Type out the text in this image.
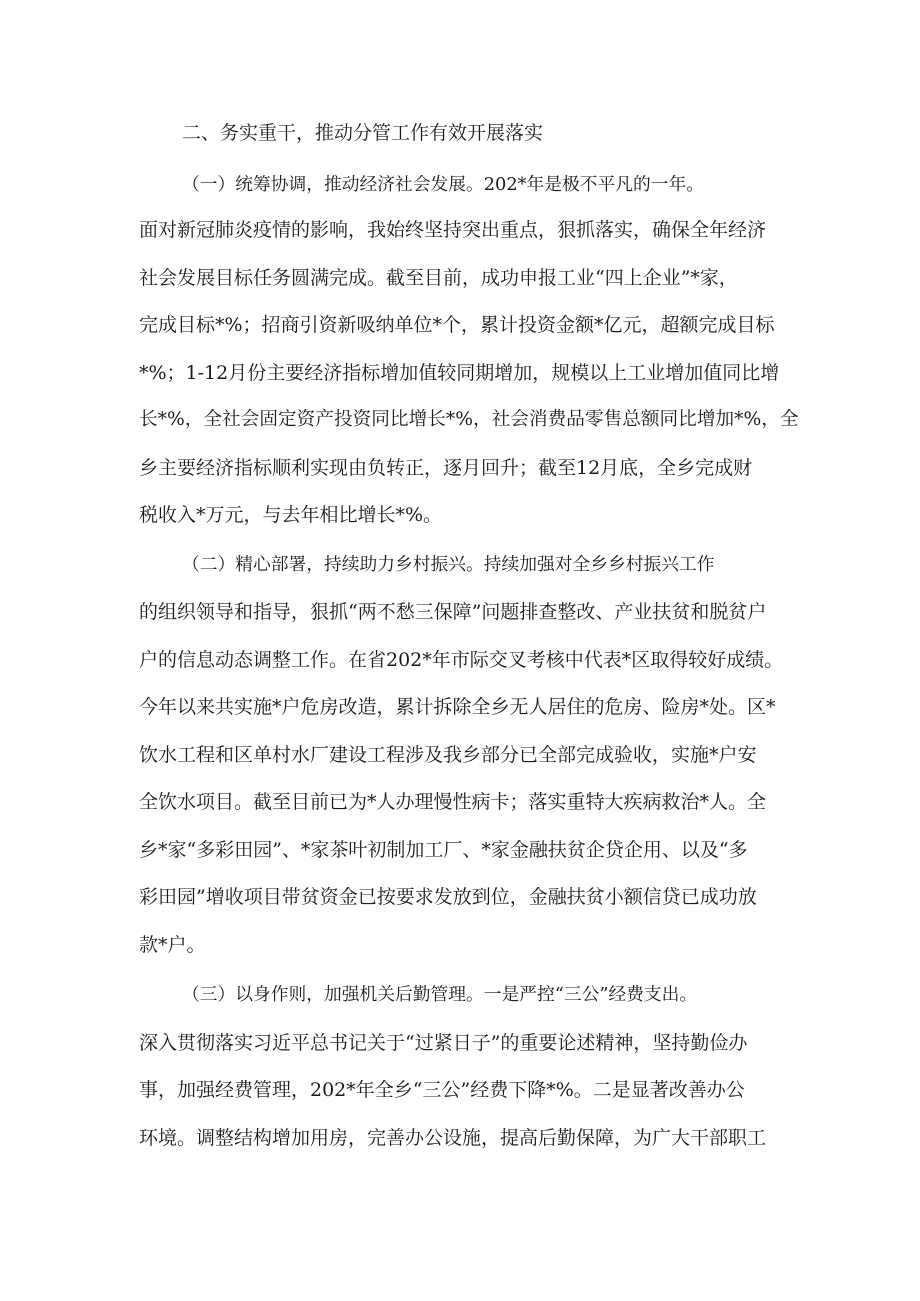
二、务实重干，推动分管工作有效开展落实
（一）统筹协调，推动经济社会发展。202*年是极不平凡的一年。
面对新冠肺炎疫情的影响，我始终坚持突出重点，狠抓落实，确保全年经济
社会发展目标任务圆满完成。截至目前，成功申报工业“四上企业”*家，
完成目标*%；招商引资新吸纳单位*个，累计投资金额*亿元，超额完成目标
*%；1-12月份主要经济指标增加值较同期增加，规模以上工业增加值同比增
长*%，全社会固定资产投资同比增长*%，社会消费品零售总额同比增加*%，全
乡主要经济指标顺利实现由负转正，逐月回升；截至12月底，全乡完成财
税收入*万元，与去年相比增长*%。
（二）精心部署，持续助力乡村振兴。持续加强对全乡乡村振兴工作
的组织领导和指导，狠抓“两不愁三保障”问题排查整改、产业扶贫和脱贫户
户的信息动态调整工作。在省202*年市际交叉考核中代表*区取得较好成绩。
今年以来共实施*户危房改造，累计拆除全乡无人居住的危房、险房*处。区*
饮水工程和区单村水厂建设工程涉及我乡部分已全部完成验收，实施*户安
全饮水项目。截至目前已为*人办理慢性病卡；落实重特大疾病救治*人。全
乡*家“多彩田园”、*家茶叶初制加工厂、*家金融扶贫企贷企用、以及“多
彩田园”增收项目带贫资金已按要求发放到位，金融扶贫小额信贷已成功放
款*户。
（三）以身作则，加强机关后勤管理。一是严控“三公”经费支出。
深入贯彻落实习近平总书记关于“过紧日子”的重要论述精神，坚持勤俭办
事，加强经费管理，202*年全乡“三公”经费下降*%。二是显著改善办公
环境。调整结构增加用房，完善办公设施，提高后勤保障，为广大干部职工
